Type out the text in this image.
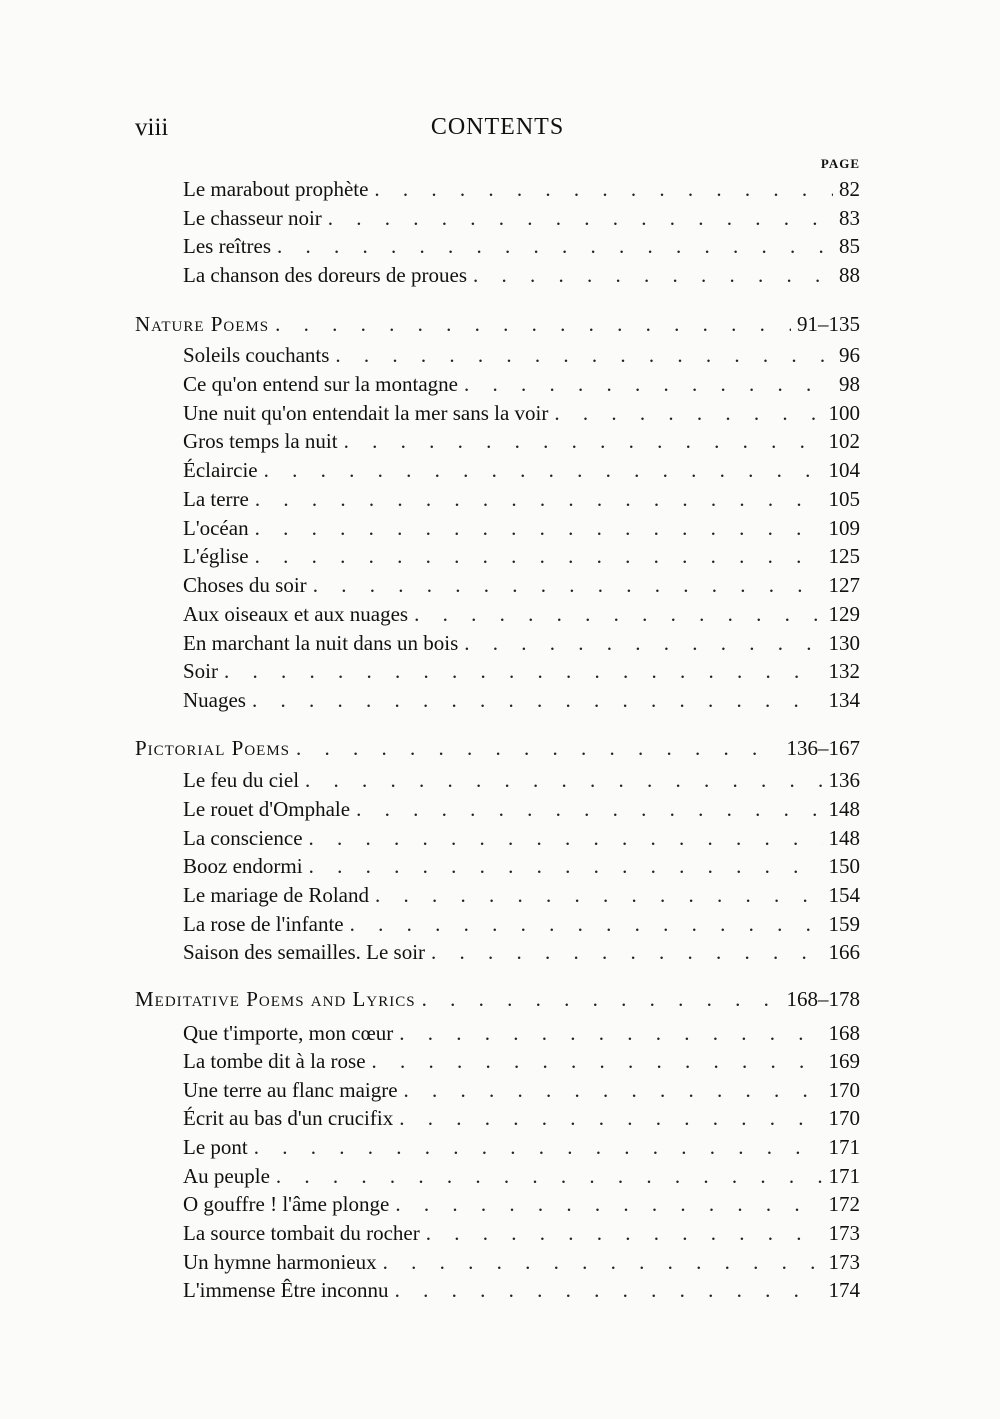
viii	CONTENTS
PAGE
Le marabout prophète . . .	82
Le chasseur noir . . .	83
Les reîtres . . .	85
La chanson des doreurs de proues . . .	88
Nature Poems . . .	91–135
Soleils couchants . . .	96
Ce qu'on entend sur la montagne . . .	98
Une nuit qu'on entendait la mer sans la voir . . .	100
Gros temps la nuit . . .	102
Éclaircie . . .	104
La terre . . .	105
L'océan . . .	109
L'église . . .	125
Choses du soir . . .	127
Aux oiseaux et aux nuages . . .	129
En marchant la nuit dans un bois . . .	130
Soir . . .	132
Nuages . . .	134
Pictorial Poems . . .	136–167
Le feu du ciel . . .	136
Le rouet d'Omphale . . .	148
La conscience . . .	148
Booz endormi . . .	150
Le mariage de Roland . . .	154
La rose de l'infante . . .	159
Saison des semailles. Le soir . . .	166
Meditative Poems and Lyrics . . .	168–178
Que t'importe, mon cœur . . .	168
La tombe dit à la rose . . .	169
Une terre au flanc maigre . . .	170
Écrit au bas d'un crucifix . . .	170
Le pont . . .	171
Au peuple . . .	171
O gouffre ! l'âme plonge . . .	172
La source tombait du rocher . . .	173
Un hymne harmonieux . . .	173
L'immense Être inconnu . . .	174
